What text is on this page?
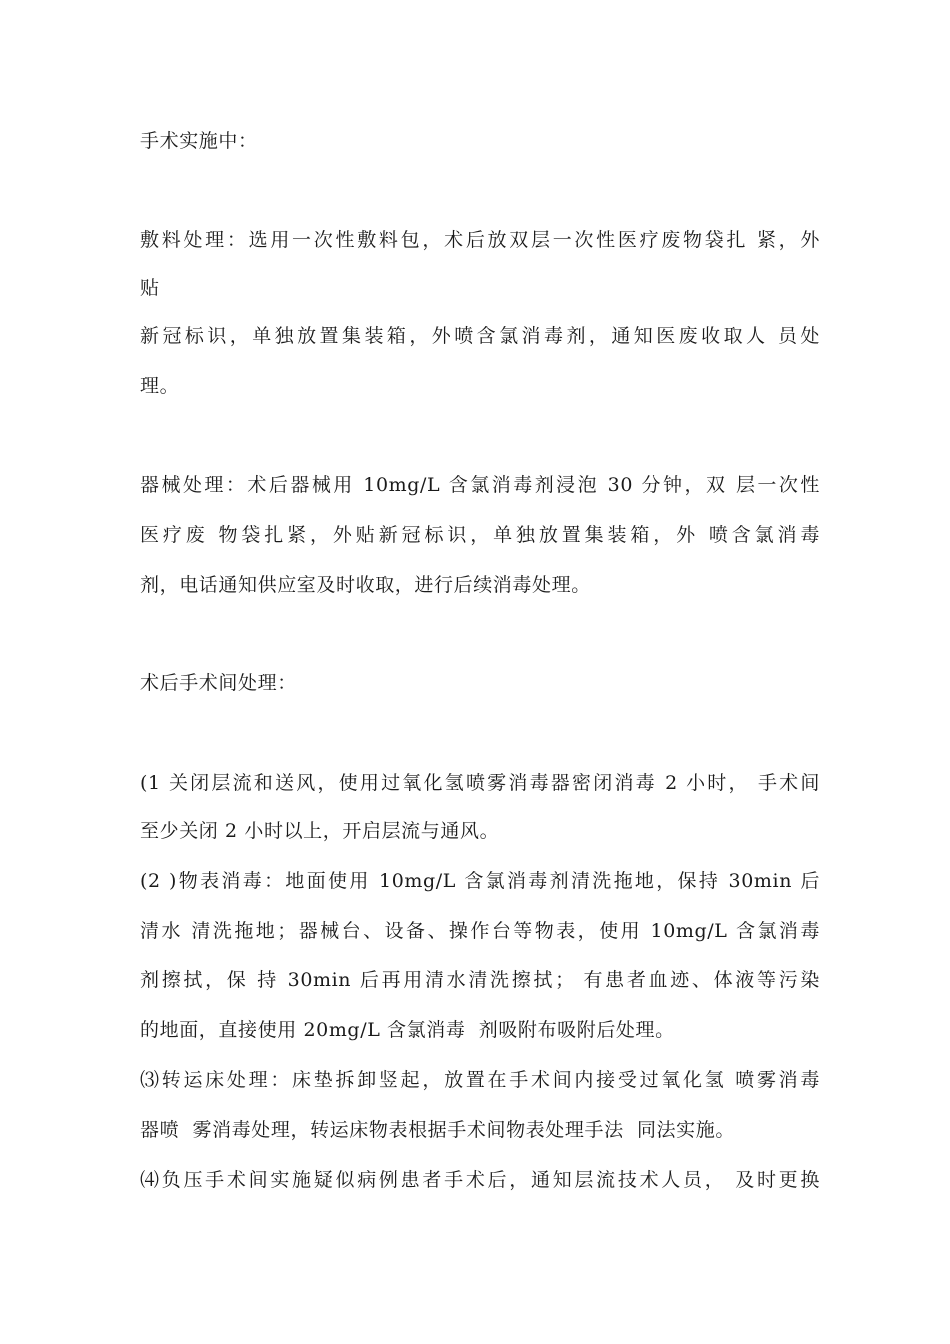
手术实施中：
敷料处理：选用一次性敷料包，术后放双层一次性医疗废物袋扎 紧，外
贴
新冠标识，单独放置集装箱，外喷含氯消毒剂，通知医废收取人 员处
理。
器械处理：术后器械用 10mg/L 含氯消毒剂浸泡 30 分钟，双 层一次性
医疗废 物袋扎紧，外贴新冠标识，单独放置集装箱，外 喷含氯消毒
剂，电话通知供应室及时收取，进行后续消毒处理。
术后手术间处理：
(1 关闭层流和送风，使用过氧化氢喷雾消毒器密闭消毒 2 小时， 手术间
至少关闭 2 小时以上，开启层流与通风。
(2 )物表消毒：地面使用 10mg/L 含氯消毒剂清洗拖地，保持 30min 后
清水 清洗拖地；器械台、设备、操作台等物表，使用 10mg/L 含氯消毒
剂擦拭，保 持 30min 后再用清水清洗擦拭； 有患者血迹、体液等污染
的地面，直接使用 20mg/L 含氯消毒  剂吸附布吸附后处理。
⑶转运床处理：床垫拆卸竖起，放置在手术间内接受过氧化氢 喷雾消毒
器喷  雾消毒处理，转运床物表根据手术间物表处理手法  同法实施。
⑷负压手术间实施疑似病例患者手术后，通知层流技术人员， 及时更换
